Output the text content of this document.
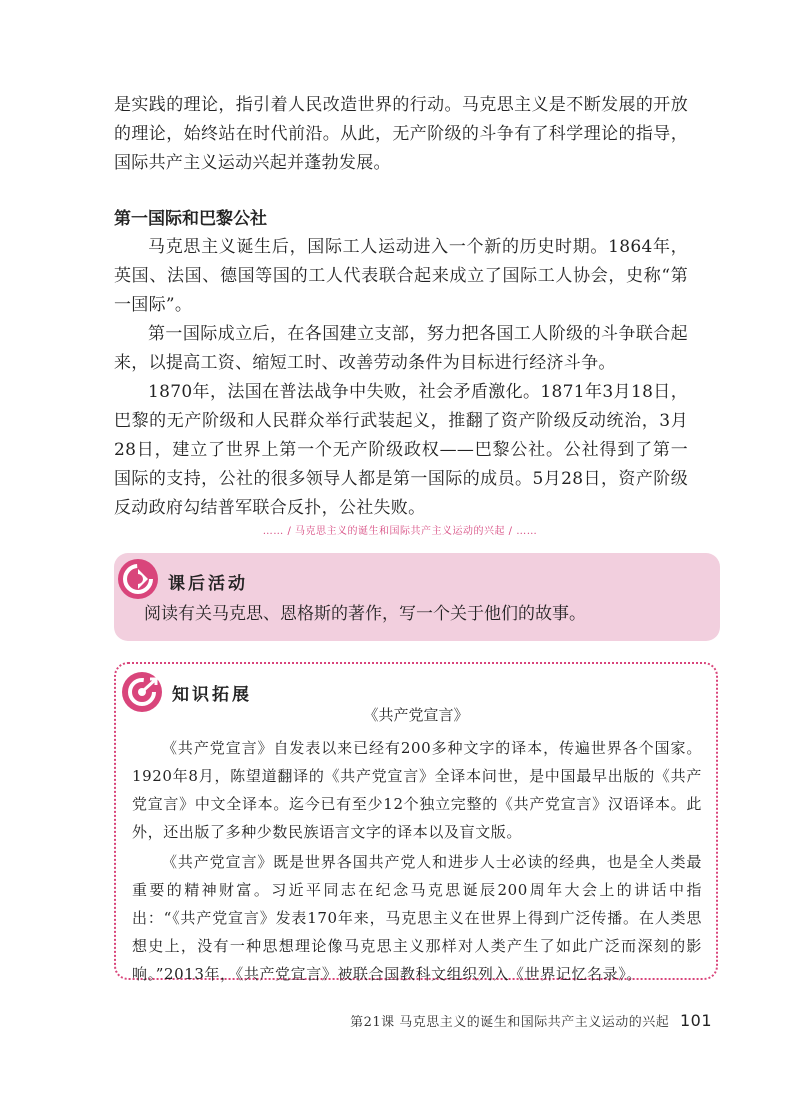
是实践的理论，指引着人民改造世界的行动。马克思主义是不断发展的开放的理论，始终站在时代前沿。从此，无产阶级的斗争有了科学理论的指导，国际共产主义运动兴起并蓬勃发展。

第一国际和巴黎公社

马克思主义诞生后，国际工人运动进入一个新的历史时期。1864年，英国、法国、德国等国的工人代表联合起来成立了国际工人协会，史称“第一国际”。

第一国际成立后，在各国建立支部，努力把各国工人阶级的斗争联合起来，以提高工资、缩短工时、改善劳动条件为目标进行经济斗争。

1870年，法国在普法战争中失败，社会矛盾激化。1871年3月18日，巴黎的无产阶级和人民群众举行武装起义，推翻了资产阶级反动统治，3月28日，建立了世界上第一个无产阶级政权——巴黎公社。公社得到了第一国际的支持，公社的很多领导人都是第一国际的成员。5月28日，资产阶级反动政府勾结普军联合反扑，公社失败。

…… / 马克思主义的诞生和国际共产主义运动的兴起 / ……
课后活动
阅读有关马克思、恩格斯的著作，写一个关于他们的故事。
知识拓展
《共产党宣言》

《共产党宣言》自发表以来已经有200多种文字的译本，传遍世界各个国家。1920年8月，陈望道翻译的《共产党宣言》全译本问世，是中国最早出版的《共产党宣言》中文全译本。迄今已有至少12个独立完整的《共产党宣言》汉语译本。此外，还出版了多种少数民族语言文字的译本以及盲文版。

《共产党宣言》既是世界各国共产党人和进步人士必读的经典，也是全人类最重要的精神财富。习近平同志在纪念马克思诞辰200周年大会上的讲话中指出：“《共产党宣言》发表170年来，马克思主义在世界上得到广泛传播。在人类思想史上，没有一种思想理论像马克思主义那样对人类产生了如此广泛而深刻的影响。”2013年，《共产党宣言》被联合国教科文组织列入《世界记忆名录》。

第21课 马克思主义的诞生和国际共产主义运动的兴起 101
